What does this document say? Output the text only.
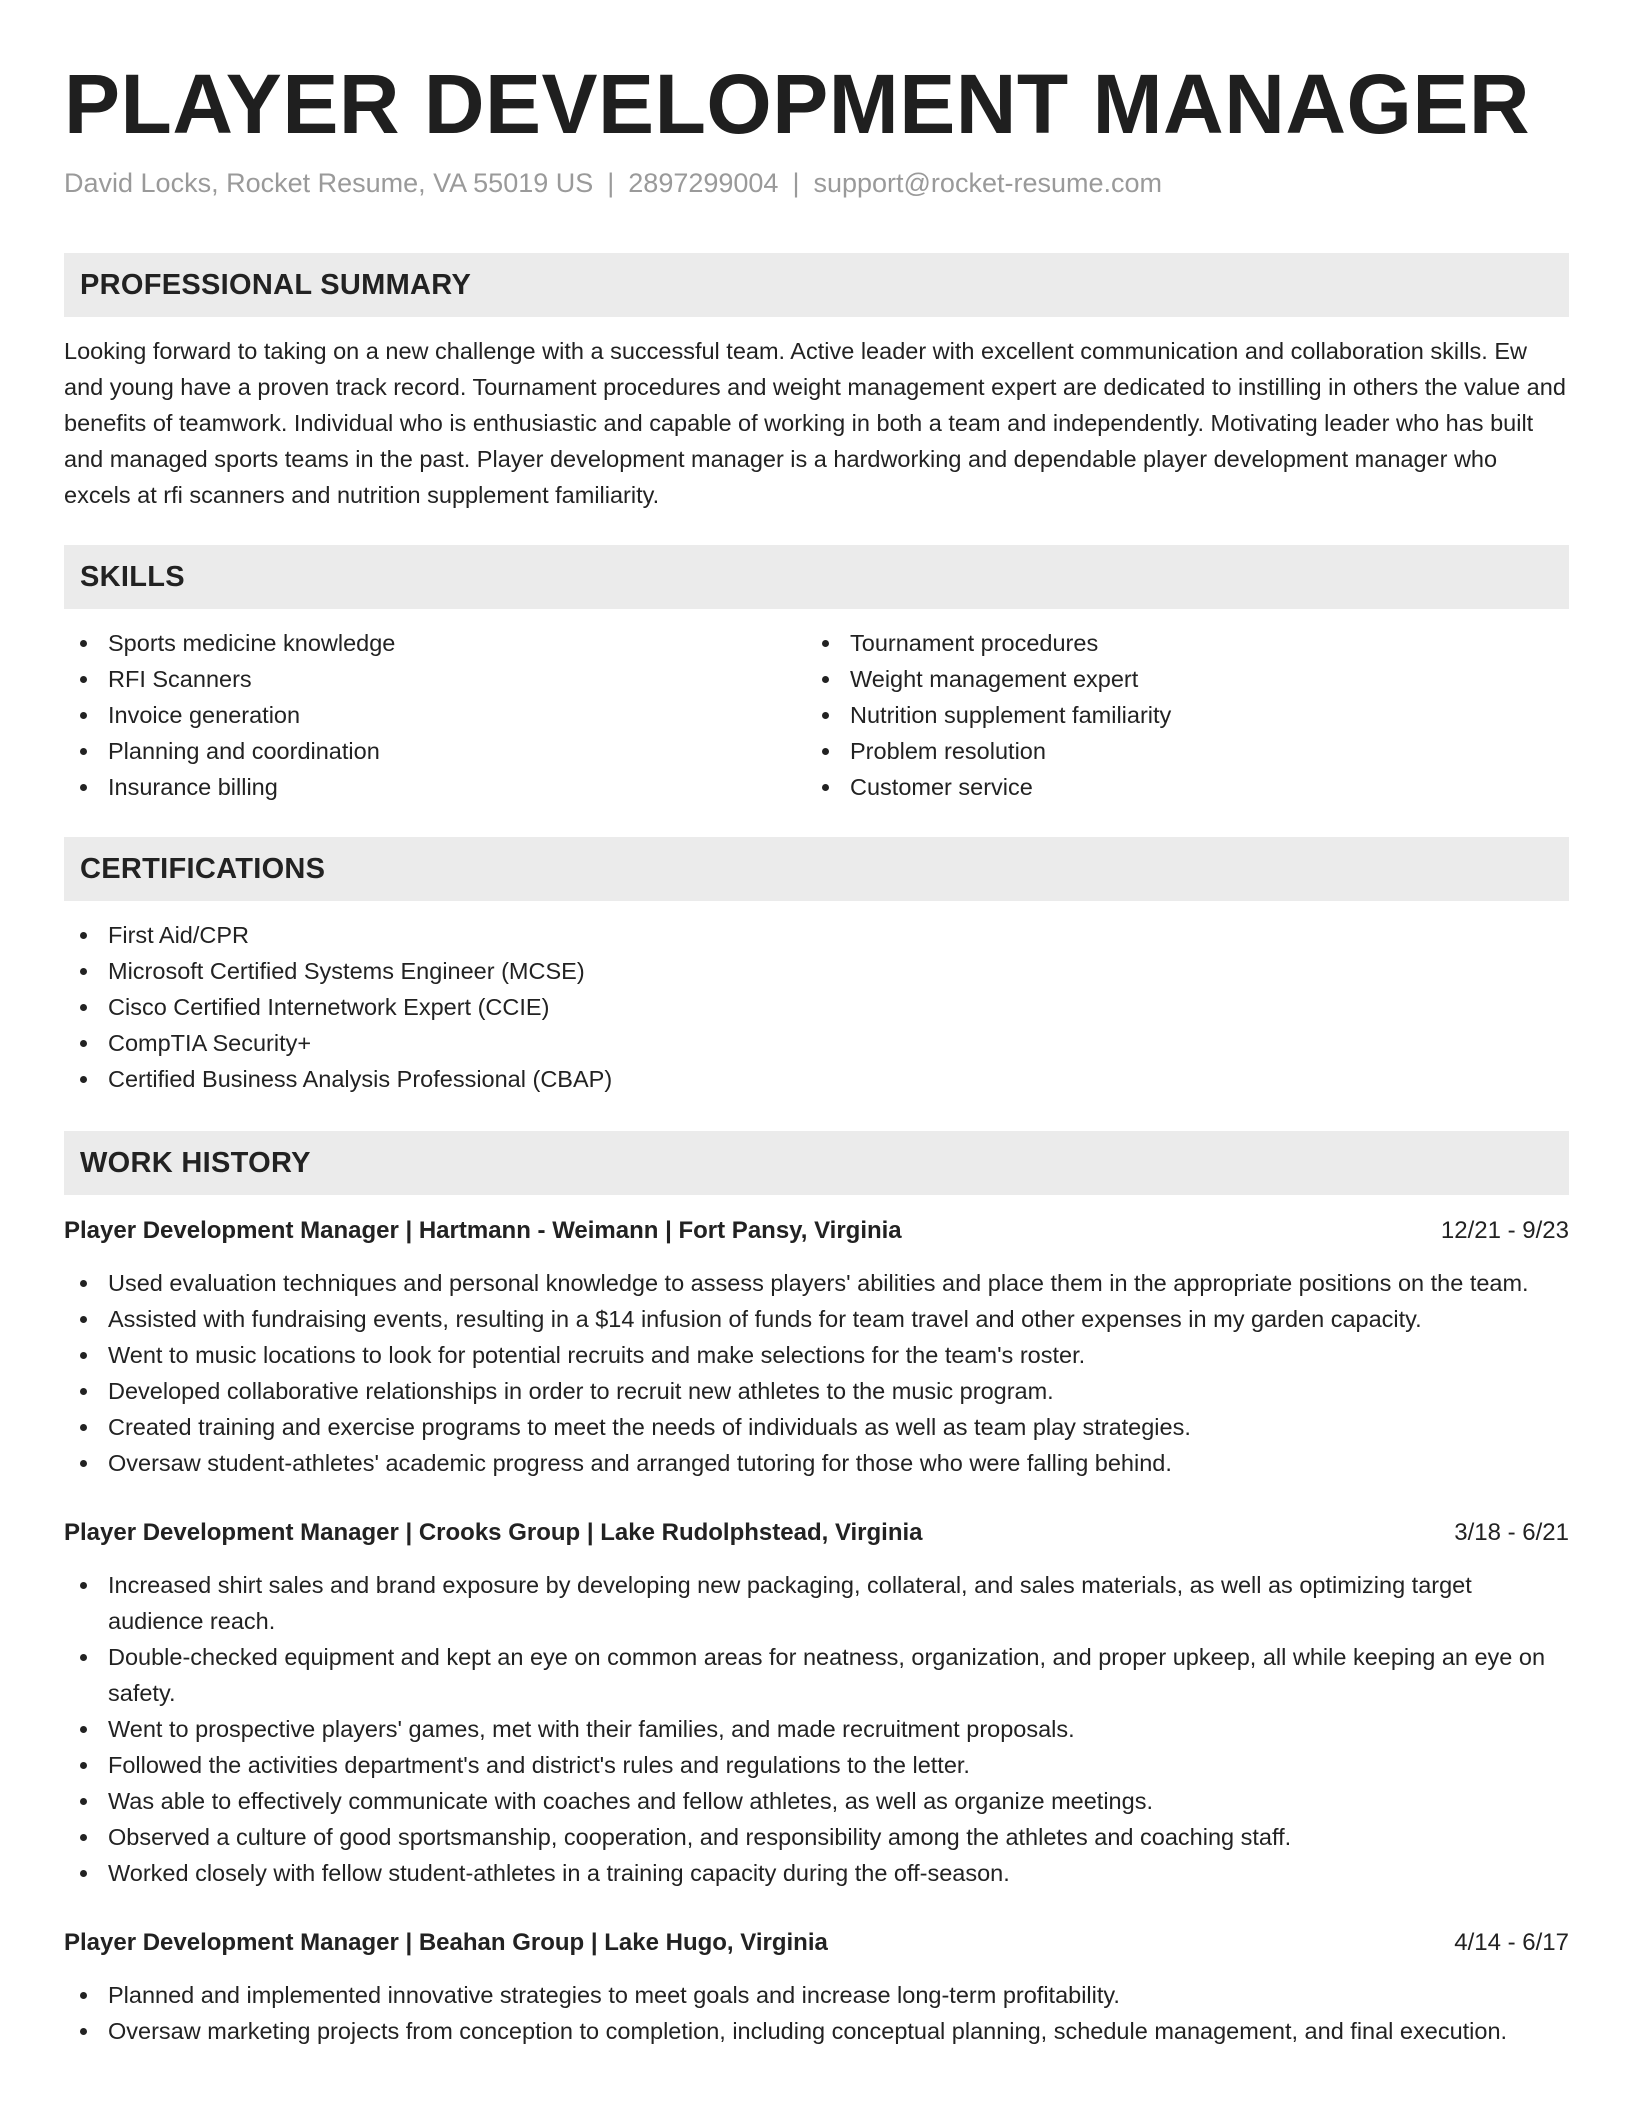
PLAYER DEVELOPMENT MANAGER
David Locks, Rocket Resume, VA 55019 US | 2897299004 | support@rocket-resume.com
PROFESSIONAL SUMMARY

Looking forward to taking on a new challenge with a successful team. Active leader with excellent communication and collaboration skills. Ew and young have a proven track record. Tournament procedures and weight management expert are dedicated to instilling in others the value and benefits of teamwork. Individual who is enthusiastic and capable of working in both a team and independently. Motivating leader who has built and managed sports teams in the past. Player development manager is a hardworking and dependable player development manager who excels at rfi scanners and nutrition supplement familiarity.

SKILLS
Sports medicine knowledge
RFI Scanners
Invoice generation
Planning and coordination
Insurance billing
Tournament procedures
Weight management expert
Nutrition supplement familiarity
Problem resolution
Customer service
CERTIFICATIONS
First Aid/CPR
Microsoft Certified Systems Engineer (MCSE)
Cisco Certified Internetwork Expert (CCIE)
CompTIA Security+
Certified Business Analysis Professional (CBAP)
WORK HISTORY
Player Development Manager | Hartmann - Weimann | Fort Pansy, Virginia	12/21 - 9/23
Used evaluation techniques and personal knowledge to assess players' abilities and place them in the appropriate positions on the team.
Assisted with fundraising events, resulting in a $14 infusion of funds for team travel and other expenses in my garden capacity.
Went to music locations to look for potential recruits and make selections for the team's roster.
Developed collaborative relationships in order to recruit new athletes to the music program.
Created training and exercise programs to meet the needs of individuals as well as team play strategies.
Oversaw student-athletes' academic progress and arranged tutoring for those who were falling behind.
Player Development Manager | Crooks Group | Lake Rudolphstead, Virginia	3/18 - 6/21
Increased shirt sales and brand exposure by developing new packaging, collateral, and sales materials, as well as optimizing target audience reach.
Double-checked equipment and kept an eye on common areas for neatness, organization, and proper upkeep, all while keeping an eye on safety.
Went to prospective players' games, met with their families, and made recruitment proposals.
Followed the activities department's and district's rules and regulations to the letter.
Was able to effectively communicate with coaches and fellow athletes, as well as organize meetings.
Observed a culture of good sportsmanship, cooperation, and responsibility among the athletes and coaching staff.
Worked closely with fellow student-athletes in a training capacity during the off-season.
Player Development Manager | Beahan Group | Lake Hugo, Virginia	4/14 - 6/17
Planned and implemented innovative strategies to meet goals and increase long-term profitability.
Oversaw marketing projects from conception to completion, including conceptual planning, schedule management, and final execution.
